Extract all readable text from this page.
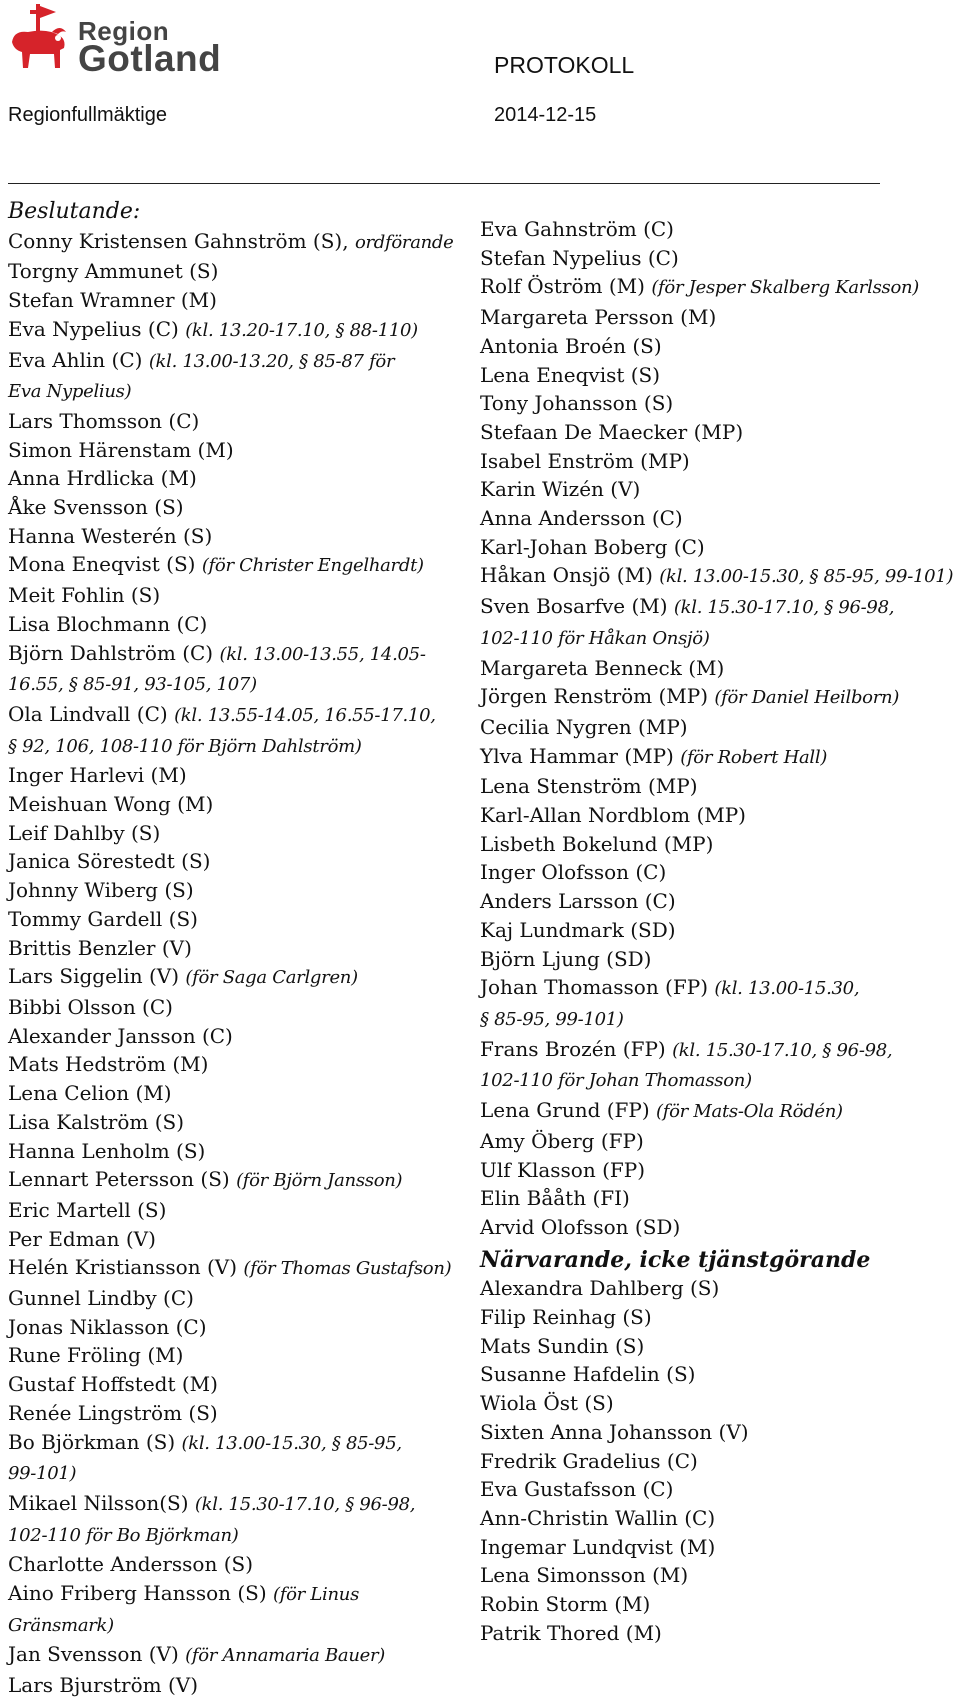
Region
Gotland	PROTOKOLL
Regionfullmäktige	2014-12-15
Beslutande:
Conny Kristensen Gahnström (S), ordförande
Torgny Ammunet (S)
Stefan Wramner (M)
Eva Nypelius (C) (kl. 13.20-17.10, § 88-110)
Eva Ahlin (C) (kl. 13.00-13.20, § 85-87 för
Eva Nypelius)
Lars Thomsson (C)
Simon Härenstam (M)
Anna Hrdlicka (M)
Åke Svensson (S)
Hanna Westerén (S)
Mona Eneqvist (S) (för Christer Engelhardt)
Meit Fohlin (S)
Lisa Blochmann (C)
Björn Dahlström (C) (kl. 13.00-13.55, 14.05-
16.55, § 85-91, 93-105, 107)
Ola Lindvall (C) (kl. 13.55-14.05, 16.55-17.10,
§ 92, 106, 108-110 för Björn Dahlström)
Inger Harlevi (M)
Meishuan Wong (M)
Leif Dahlby (S)
Janica Sörestedt (S)
Johnny Wiberg (S)
Tommy Gardell (S)
Brittis Benzler (V)
Lars Siggelin (V) (för Saga Carlgren)
Bibbi Olsson (C)
Alexander Jansson (C)
Mats Hedström (M)
Lena Celion (M)
Lisa Kalström (S)
Hanna Lenholm (S)
Lennart Petersson (S) (för Björn Jansson)
Eric Martell (S)
Per Edman (V)
Helén Kristiansson (V) (för Thomas Gustafson)
Gunnel Lindby (C)
Jonas Niklasson (C)
Rune Fröling (M)
Gustaf Hoffstedt (M)
Renée Lingström (S)
Bo Björkman (S) (kl. 13.00-15.30, § 85-95,
99-101)
Mikael Nilsson(S) (kl. 15.30-17.10, § 96-98,
102-110 för Bo Björkman)
Charlotte Andersson (S)
Aino Friberg Hansson (S) (för Linus
Gränsmark)
Jan Svensson (V) (för Annamaria Bauer)
Lars Bjurström (V)
Eva Gahnström (C)
Stefan Nypelius (C)
Rolf Öström (M) (för Jesper Skalberg Karlsson)
Margareta Persson (M)
Antonia Broén (S)
Lena Eneqvist (S)
Tony Johansson (S)
Stefaan De Maecker (MP)
Isabel Enström (MP)
Karin Wizén (V)
Anna Andersson (C)
Karl-Johan Boberg (C)
Håkan Onsjö (M) (kl. 13.00-15.30, § 85-95, 99-101)
Sven Bosarfve (M) (kl. 15.30-17.10, § 96-98,
102-110 för Håkan Onsjö)
Margareta Benneck (M)
Jörgen Renström (MP) (för Daniel Heilborn)
Cecilia Nygren (MP)
Ylva Hammar (MP) (för Robert Hall)
Lena Stenström (MP)
Karl-Allan Nordblom (MP)
Lisbeth Bokelund (MP)
Inger Olofsson (C)
Anders Larsson (C)
Kaj Lundmark (SD)
Björn Ljung (SD)
Johan Thomasson (FP) (kl. 13.00-15.30,
§ 85-95, 99-101)
Frans Brozén (FP) (kl. 15.30-17.10, § 96-98,
102-110 för Johan Thomasson)
Lena Grund (FP) (för Mats-Ola Rödén)
Amy Öberg (FP)
Ulf Klasson (FP)
Elin Bååth (FI)
Arvid Olofsson (SD)
Närvarande, icke tjänstgörande
Alexandra Dahlberg (S)
Filip Reinhag (S)
Mats Sundin (S)
Susanne Hafdelin (S)
Wiola Öst (S)
Sixten Anna Johansson (V)
Fredrik Gradelius (C)
Eva Gustafsson (C)
Ann-Christin Wallin (C)
Ingemar Lundqvist (M)
Lena Simonsson (M)
Robin Storm (M)
Patrik Thored (M)
